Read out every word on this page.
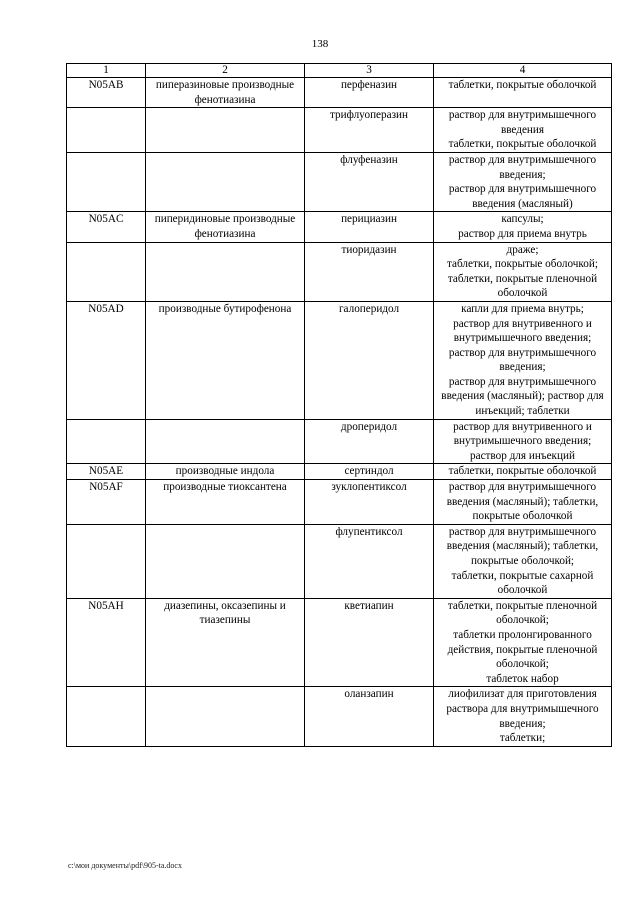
138
1	2	3	4
N05AB	пиперазиновые производные фенотиазина	перфеназин	таблетки, покрытые оболочкой

		трифлуоперазин	раствор для внутримышечного введения
таблетки, покрытые оболочкой

		флуфеназин	раствор для внутримышечного введения;
раствор для внутримышечного введения (масляный)

N05AC	пиперидиновые производные фенотиазина	перициазин	капсулы;
раствор для приема внутрь

		тиоридазин	драже;
таблетки, покрытые оболочкой;
таблетки, покрытые пленочной оболочкой

N05AD	производные бутирофенона	галоперидол	капли для приема внутрь;
раствор для внутривенного и внутримышечного введения;
раствор для внутримышечного введения;
раствор для внутримышечного введения (масляный); раствор для инъекций; таблетки

		дроперидол	раствор для внутривенного и внутримышечного введения;
раствор для инъекций

N05AE	производные индола	сертиндол	таблетки, покрытые оболочкой

N05AF	производные тиоксантена	зуклопентиксол	раствор для внутримышечного введения (масляный); таблетки, покрытые оболочкой

		флупентиксол	раствор для внутримышечного введения (масляный); таблетки, покрытые оболочкой;
таблетки, покрытые сахарной оболочкой

N05AH	диазепины, оксазепины и тиазепины	кветиапин	таблетки, покрытые пленочной оболочкой;
таблетки пролонгированного действия, покрытые пленочной оболочкой;
таблеток набор

		оланзапин	лиофилизат для приготовления раствора для внутримышечного введения;
таблетки;
c:\мои документы\pdf\905-ta.docx
